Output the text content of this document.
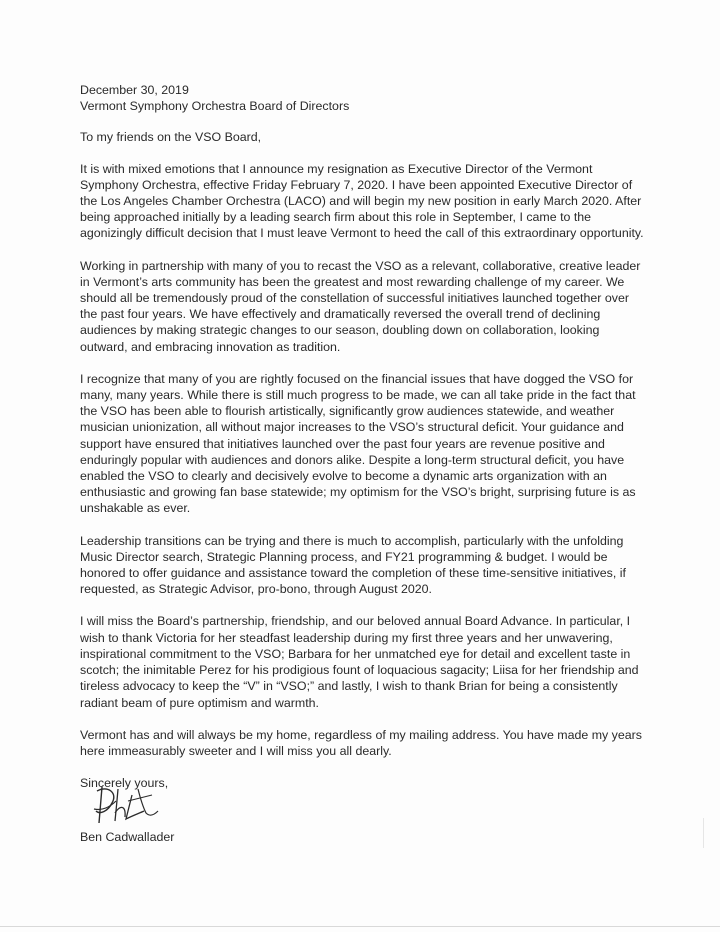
December 30, 2019

Vermont Symphony Orchestra Board of Directors

To my friends on the VSO Board,

It is with mixed emotions that I announce my resignation as Executive Director of the Vermont Symphony Orchestra, effective Friday February 7, 2020. I have been appointed Executive Director of the Los Angeles Chamber Orchestra (LACO) and will begin my new position in early March 2020. After being approached initially by a leading search firm about this role in September, I came to the agonizingly difficult decision that I must leave Vermont to heed the call of this extraordinary opportunity.

Working in partnership with many of you to recast the VSO as a relevant, collaborative, creative leader in Vermont’s arts community has been the greatest and most rewarding challenge of my career. We should all be tremendously proud of the constellation of successful initiatives launched together over the past four years. We have effectively and dramatically reversed the overall trend of declining audiences by making strategic changes to our season, doubling down on collaboration, looking outward, and embracing innovation as tradition.

I recognize that many of you are rightly focused on the financial issues that have dogged the VSO for many, many years. While there is still much progress to be made, we can all take pride in the fact that the VSO has been able to flourish artistically, significantly grow audiences statewide, and weather musician unionization, all without major increases to the VSO’s structural deficit. Your guidance and support have ensured that initiatives launched over the past four years are revenue positive and enduringly popular with audiences and donors alike. Despite a long-term structural deficit, you have enabled the VSO to clearly and decisively evolve to become a dynamic arts organization with an enthusiastic and growing fan base statewide; my optimism for the VSO’s bright, surprising future is as unshakable as ever.

Leadership transitions can be trying and there is much to accomplish, particularly with the unfolding Music Director search, Strategic Planning process, and FY21 programming & budget. I would be honored to offer guidance and assistance toward the completion of these time-sensitive initiatives, if requested, as Strategic Advisor, pro-bono, through August 2020.

I will miss the Board’s partnership, friendship, and our beloved annual Board Advance. In particular, I wish to thank Victoria for her steadfast leadership during my first three years and her unwavering, inspirational commitment to the VSO; Barbara for her unmatched eye for detail and excellent taste in scotch; the inimitable Perez for his prodigious fount of loquacious sagacity; Liisa for her friendship and tireless advocacy to keep the “V” in “VSO;” and lastly, I wish to thank Brian for being a consistently radiant beam of pure optimism and warmth.

Vermont has and will always be my home, regardless of my mailing address. You have made my years here immeasurably sweeter and I will miss you all dearly.

Sincerely yours,

Ben Cadwallader
